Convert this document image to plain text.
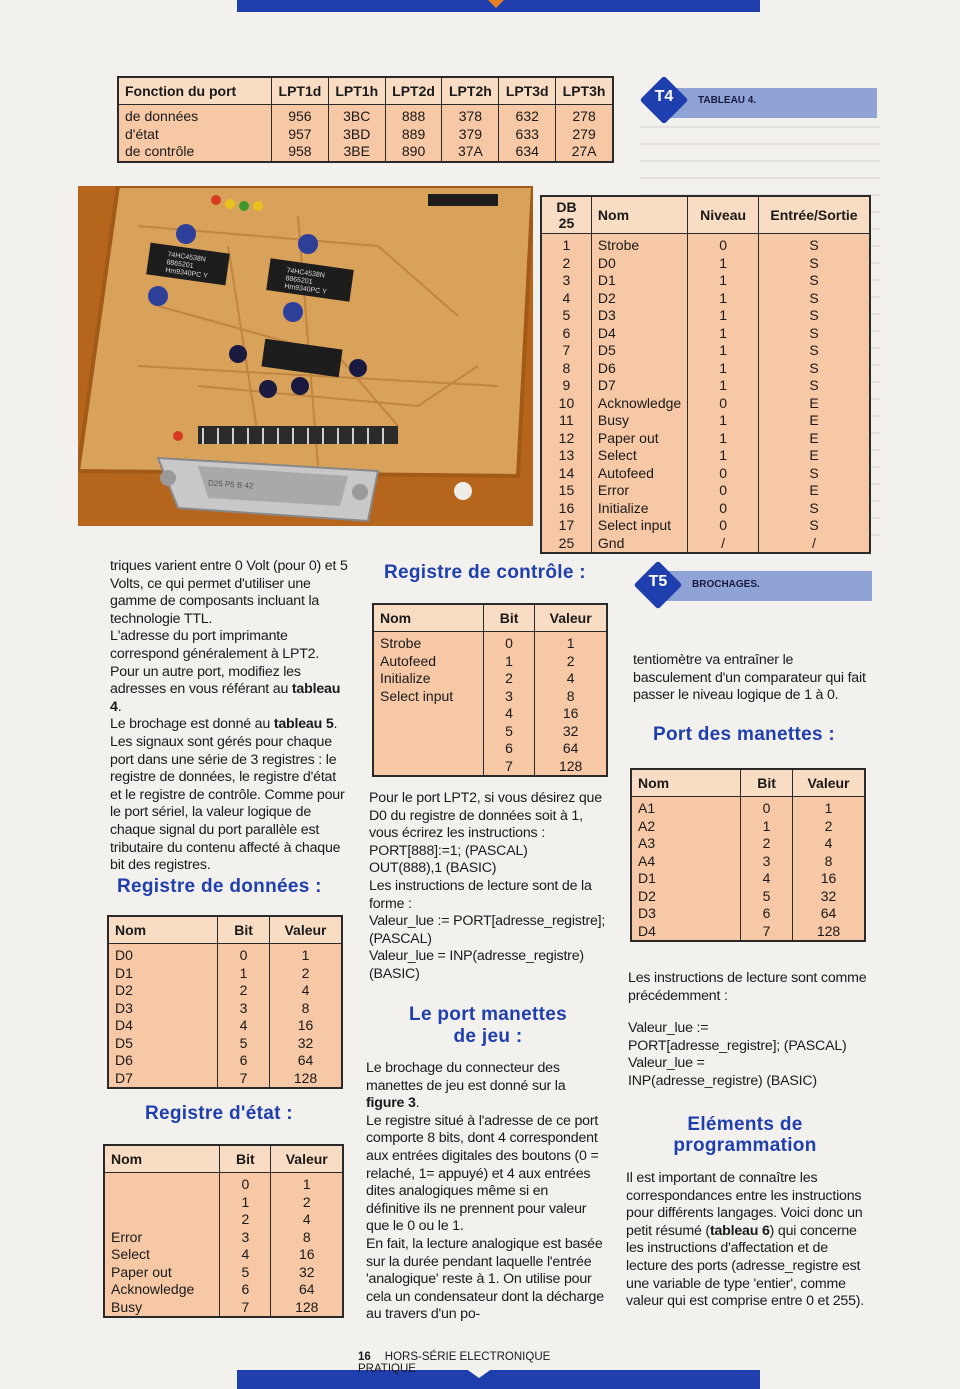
Fonction du port	LPT1d	LPT1h	LPT2d	LPT2h	LPT3d	LPT3h
de données	956	3BC	888	378	632	278
d'état	957	3BD	889	379	633	279
de contrôle	958	3BE	890	37A	634	27A
T4	TABLEAU 4.
74HC4538N
8865201
Hm9340PC Y	74HC4538N
8865201
Hm9340PC Y
D25 P5 B 42
DB 25	Nom	Niveau	Entrée/Sortie
1	Strobe	0	S
2	D0	1	S
3	D1	1	S
4	D2	1	S
5	D3	1	S
6	D4	1	S
7	D5	1	S
8	D6	1	S
9	D7	1	S
10	Acknowledge	0	E
11	Busy	1	E
12	Paper out	1	E
13	Select	1	E
14	Autofeed	0	S
15	Error	0	E
16	Initialize	0	S
17	Select input	0	S
25	Gnd	/	/

triques varient entre 0 Volt (pour 0) et 5 Volts, ce qui permet d'utiliser une gamme de composants incluant la technologie TTL.

L'adresse du port imprimante correspond généralement à LPT2. Pour un autre port, modifiez les adresses en vous référant au tableau 4.

Le brochage est donné au tableau 5.

Les signaux sont gérés pour chaque port dans une série de 3 registres : le registre de données, le registre d'état et le registre de contrôle. Comme pour le port sériel, la valeur logique de chaque signal du port parallèle est tributaire du contenu affecté à chaque bit des registres.

Registre de données :
Nom	Bit	Valeur
D0	0	1
D1	1	2
D2	2	4
D3	3	8
D4	4	16
D5	5	32
D6	6	64
D7	7	128
Registre d'état :
Nom	Bit	Valeur
	0	1
	1	2
	2	4
Error	3	8
Select	4	16
Paper out	5	32
Acknowledge	6	64
Busy	7	128
Registre de contrôle :
Nom	Bit	Valeur
Strobe	0	1
Autofeed	1	2
Initialize	2	4
Select input	3	8
	4	16
	5	32
	6	64
	7	128

Pour le port LPT2, si vous désirez que D0 du registre de données soit à 1, vous écrirez les instructions :

PORT[888]:=1; (PASCAL)

OUT(888),1 (BASIC)

Les instructions de lecture sont de la forme :

Valeur_lue := PORT[adresse_registre]; (PASCAL)

Valeur_lue = INP(adresse_registre) (BASIC)

Le port manettes de jeu :

Le brochage du connecteur des manettes de jeu est donné sur la figure 3.

Le registre situé à l'adresse de ce port comporte 8 bits, dont 4 correspondent aux entrées digitales des boutons (0 = relaché, 1= appuyé) et 4 aux entrées dites analogiques même si en définitive ils ne prennent pour valeur que le 0 ou le 1.

En fait, la lecture analogique est basée sur la durée pendant laquelle l'entrée 'analogique' reste à 1. On utilise pour cela un condensateur dont la décharge au travers d'un po-

T5	BROCHAGES.
tentiomètre va entraîner le basculement d'un comparateur qui fait passer le niveau logique de 1 à 0.
Port des manettes :
Nom	Bit	Valeur
A1	0	1
A2	1	2
A3	2	4
A4	3	8
D1	4	16
D2	5	32
D3	6	64
D4	7	128
Les instructions de lecture sont comme précédemment :

Valeur_lue :=

PORT[adresse_registre]; (PASCAL)

Valeur_lue =

INP(adresse_registre) (BASIC)

Eléments de programmation

Il est important de connaître les correspondances entre les instructions pour différents langages. Voici donc un petit résumé (tableau 6) qui concerne les instructions d'affectation et de lecture des ports (adresse_registre est une variable de type 'entier', comme valeur qui est comprise entre 0 et 255).

16 HORS-SÉRIE ELECTRONIQUE PRATIQUE
